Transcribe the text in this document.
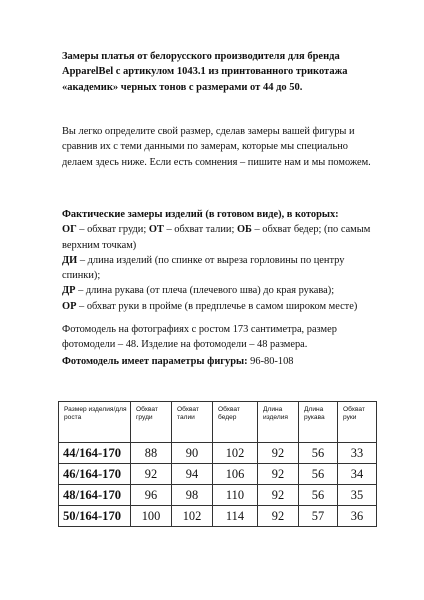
Замеры платья от белорусского производителя для бренда ApparelBel с артикулом 1043.1 из принтованного трикотажа «академик» черных тонов с размерами от 44 до 50.
Вы легко определите свой размер, сделав замеры вашей фигуры и сравнив их с теми данными по замерам, которые мы специально делаем здесь ниже. Если есть сомнения – пишите нам и мы поможем.
Фактические замеры изделий (в готовом виде), в которых:
ОГ – обхват груди; ОТ – обхват талии; ОБ – обхват бедер; (по самым верхним точкам)
ДИ – длина изделий (по спинке от выреза горловины по центру спинки);
ДР – длина рукава (от плеча (плечевого шва) до края рукава);
ОР – обхват руки в пройме (в предплечье в самом широком месте)
Фотомодель на фотографиях с ростом 173 сантиметра, размер фотомодели – 48. Изделие на фотомодели – 48 размера.
Фотомодель имеет параметры фигуры: 96-80-108
Размер изделия/для роста	Обхват груди	Обхват талии	Обхват бедер	Длина изделия	Длина рукава	Обхват руки
44/164-170	88	90	102	92	56	33
46/164-170	92	94	106	92	56	34
48/164-170	96	98	110	92	56	35
50/164-170	100	102	114	92	57	36
